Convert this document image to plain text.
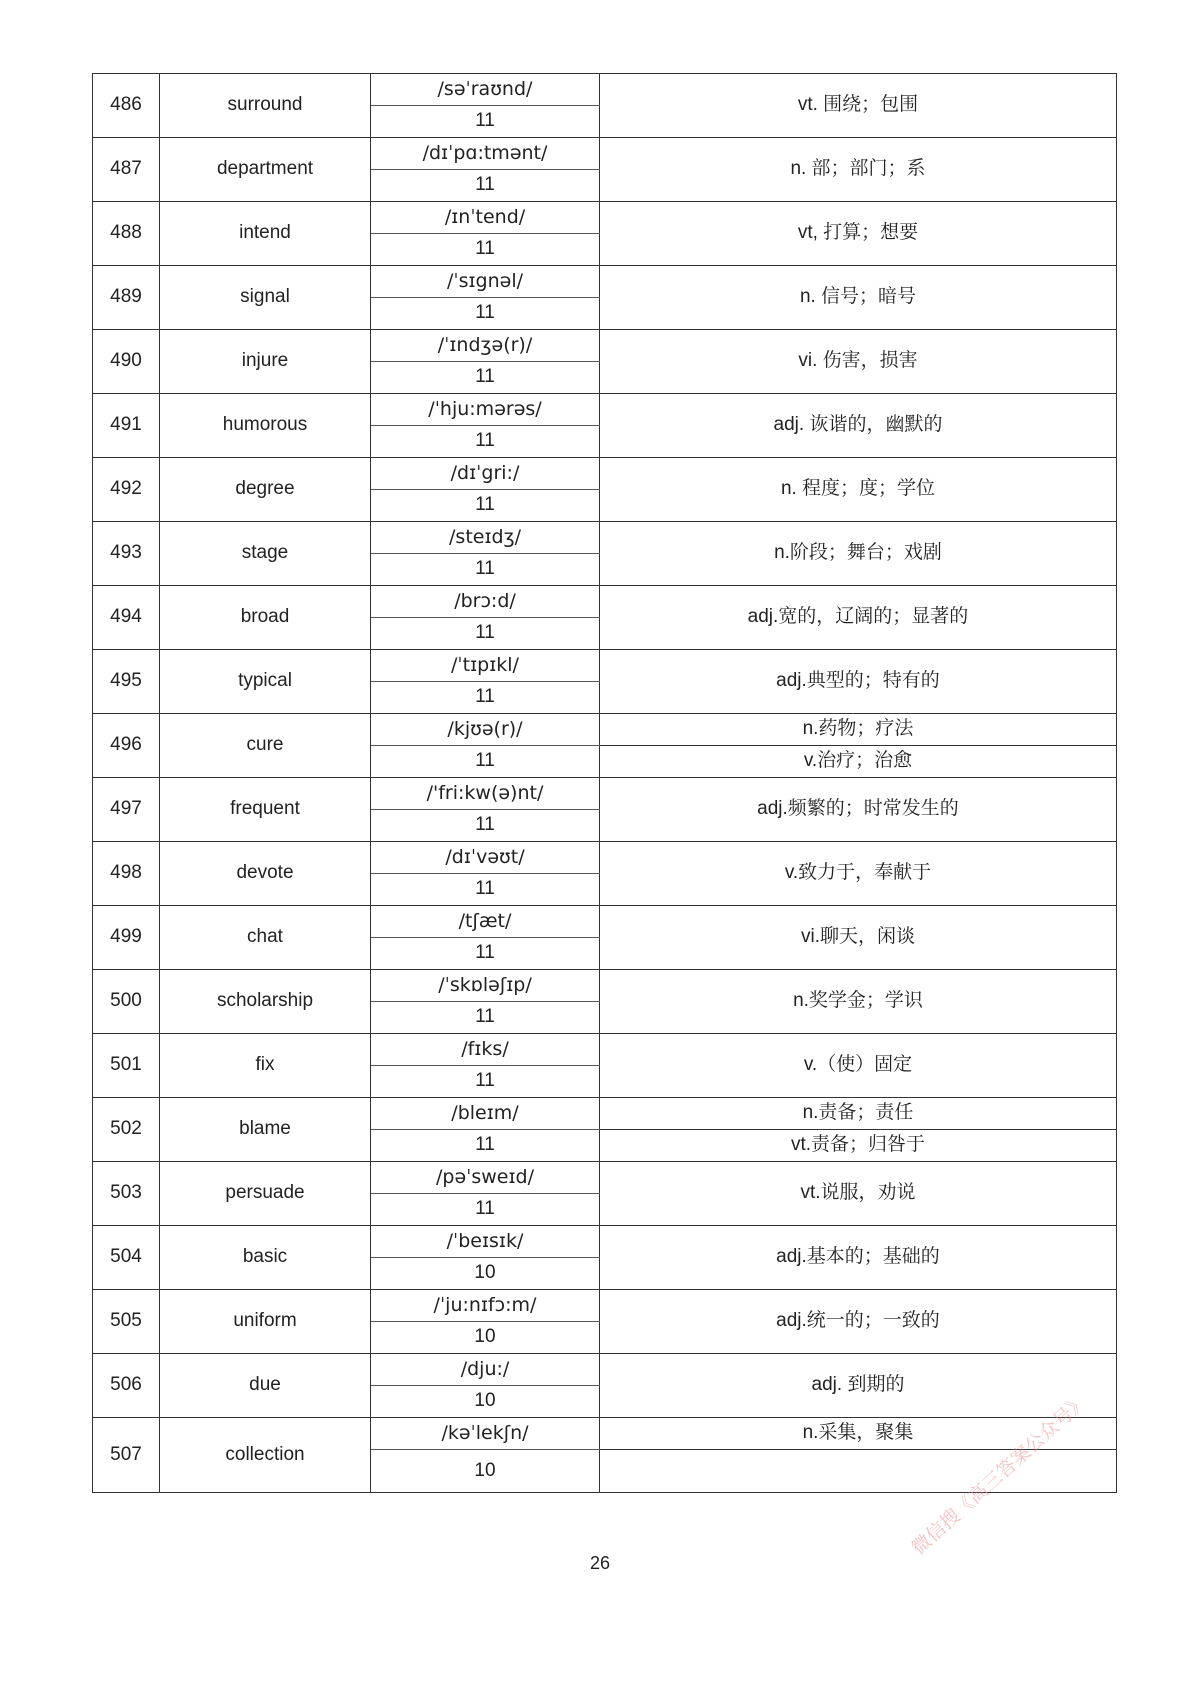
486	surround	/səˈraʊnd/	vt. 围绕；包围
		11	
487	department	/dɪˈpɑ:tmənt/	n. 部；部门；系
		11	
488	intend	/ɪnˈtend/	vt, 打算；想要
		11	
489	signal	/ˈsɪgnəl/	n. 信号；暗号
		11	
490	injure	/ˈɪndʒə(r)/	vi. 伤害，损害
		11	
491	humorous	/ˈhju:mərəs/	adj. 诙谐的，幽默的
		11	
492	degree	/dɪˈgri:/	n. 程度；度；学位
		11	
493	stage	/steɪdʒ/	n.阶段；舞台；戏剧
		11	
494	broad	/brɔ:d/	adj.宽的，辽阔的；显著的
		11	
495	typical	/ˈtɪpɪkl/	adj.典型的；特有的
		11	
496	cure	/kjʊə(r)/	n.药物；疗法
		11	v.治疗；治愈
497	frequent	/'fri:kw(ə)nt/	adj.频繁的；时常发生的
		11	
498	devote	/dɪˈvəʊt/	v.致力于，奉献于
		11	
499	chat	/tʃæt/	vi.聊天，闲谈
		11	
500	scholarship	/ˈskɒləʃɪp/	n.奖学金；学识
		11	
501	fix	/fɪks/	v.（使）固定
		11	
502	blame	/bleɪm/	n.责备；责任
		11	vt.责备；归咎于
503	persuade	/pəˈsweɪd/	vt.说服，劝说
		11	
504	basic	/ˈbeɪsɪk/	adj.基本的；基础的
		10	
505	uniform	/ˈju:nɪfɔ:m/	adj.统一的；一致的
		10	
506	due	/dju:/	adj. 到期的
		10	
507	collection	/kəˈlekʃn/	n.采集，聚集
		10	
26
微信搜《高三答案公众号》
